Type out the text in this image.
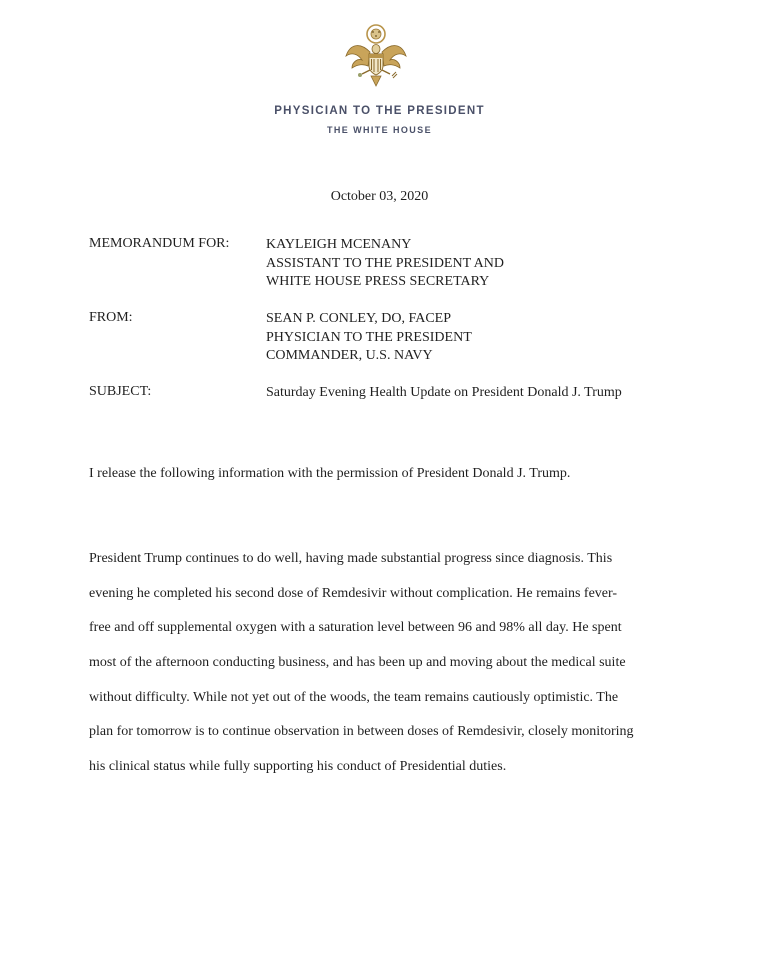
PHYSICIAN TO THE PRESIDENT
THE WHITE HOUSE
October 03, 2020
MEMORANDUM FOR:	KAYLEIGH MCENANY
ASSISTANT TO THE PRESIDENT AND
WHITE HOUSE PRESS SECRETARY
FROM:	SEAN P. CONLEY, DO, FACEP
PHYSICIAN TO THE PRESIDENT
COMMANDER, U.S. NAVY
SUBJECT:	Saturday Evening Health Update on President Donald J. Trump
I release the following information with the permission of President Donald J. Trump.
President Trump continues to do well, having made substantial progress since diagnosis. This
evening he completed his second dose of Remdesivir without complication. He remains fever-
free and off supplemental oxygen with a saturation level between 96 and 98% all day. He spent
most of the afternoon conducting business, and has been up and moving about the medical suite
without difficulty. While not yet out of the woods, the team remains cautiously optimistic. The
plan for tomorrow is to continue observation in between doses of Remdesivir, closely monitoring
his clinical status while fully supporting his conduct of Presidential duties.
